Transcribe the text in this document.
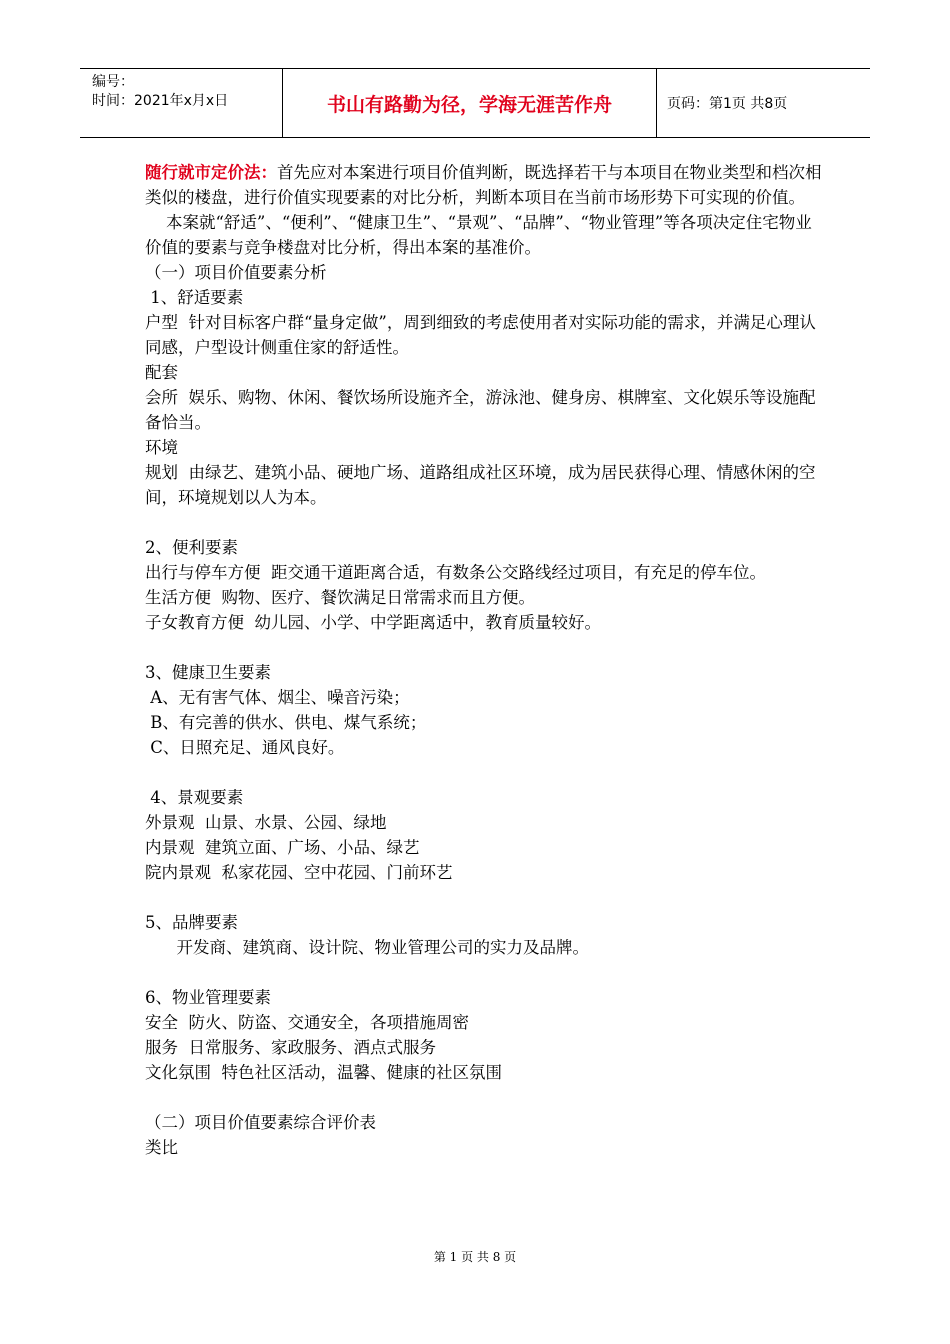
编号：
时间：2021年x月x日	书山有路勤为径，学海无涯苦作舟	页码：第1页 共8页

随行就市定价法：首先应对本案进行项目价值判断，既选择若干与本项目在物业类型和档次相类似的楼盘，进行价值实现要素的对比分析，判断本项目在当前市场形势下可实现的价值。

本案就“舒适”、“便利”、“健康卫生”、“景观”、“品牌”、“物业管理”等各项决定住宅物业价值的要素与竞争楼盘对比分析，得出本案的基准价。

（一）项目价值要素分析

1、舒适要素

户型  针对目标客户群“量身定做”，周到细致的考虑使用者对实际功能的需求，并满足心理认同感，户型设计侧重住家的舒适性。

配套

会所  娱乐、购物、休闲、餐饮场所设施齐全，游泳池、健身房、棋牌室、文化娱乐等设施配备恰当。

环境

规划  由绿艺、建筑小品、硬地广场、道路组成社区环境，成为居民获得心理、情感休闲的空间，环境规划以人为本。

2、便利要素

出行与停车方便  距交通干道距离合适，有数条公交路线经过项目，有充足的停车位。

生活方便  购物、医疗、餐饮满足日常需求而且方便。

子女教育方便  幼儿园、小学、中学距离适中，教育质量较好。

3、健康卫生要素

A、无有害气体、烟尘、噪音污染；

B、有完善的供水、供电、煤气系统；

C、日照充足、通风良好。

4、景观要素

外景观  山景、水景、公园、绿地

内景观  建筑立面、广场、小品、绿艺

院内景观  私家花园、空中花园、门前环艺

5、品牌要素

开发商、建筑商、设计院、物业管理公司的实力及品牌。

6、物业管理要素

安全  防火、防盗、交通安全，各项措施周密

服务  日常服务、家政服务、酒点式服务

文化氛围  特色社区活动，温馨、健康的社区氛围

（二）项目价值要素综合评价表

类比

第 1 页 共 8 页
